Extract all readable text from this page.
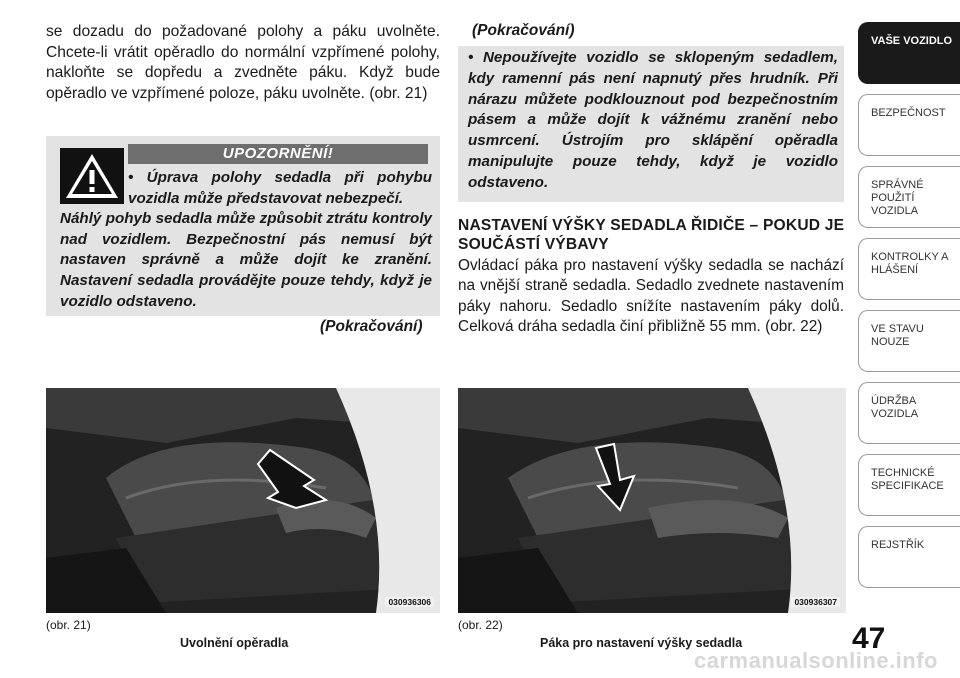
se dozadu do požadované polohy a páku uvolněte. Chcete-li vrátit opěradlo do normální vzpřímené polohy, nakloňte se dopředu a zvedněte páku. Když bude opěradlo ve vzpřímené poloze, páku uvolněte. (obr. 21)

UPOZORNĚNÍ!
• Úprava polohy sedadla při pohybu vozidla může představovat nebezpečí.
Náhlý pohyb sedadla může způsobit ztrátu kontroly nad vozidlem. Bezpečnostní pás nemusí být nastaven správně a může dojít ke zranění. Nastavení sedadla provádějte pouze tehdy, když je vozidlo odstaveno.
(Pokračování)
(Pokračování)
• Nepoužívejte vozidlo se sklopeným sedadlem, kdy ramenní pás není napnutý přes hrudník. Při nárazu můžete podklouznout pod bezpečnostním pásem a může dojít k vážnému zranění nebo usmrcení. Ústrojím pro sklápění opěradla manipulujte pouze tehdy, když je vozidlo odstaveno.
NASTAVENÍ VÝŠKY SEDADLA ŘIDIČE – POKUD JE SOUČÁSTÍ VÝBAVY
Ovládací páka pro nastavení výšky sedadla se nachází na vnější straně sedadla. Sedadlo zvednete nastavením páky nahoru. Sedadlo snížíte nastavením páky dolů. Celková dráha sedadla činí přibližně 55 mm. (obr. 22)
030936306
(obr. 21)
Uvolnění opěradla
030936307
(obr. 22)
Páka pro nastavení výšky sedadla	47
VAŠE VOZIDLO
BEZPEČNOST
SPRÁVNÉ POUŽITÍ VOZIDLA
KONTROLKY A HLÁŠENÍ
VE STAVU NOUZE
ÚDRŽBA VOZIDLA
TECHNICKÉ SPECIFIKACE
REJSTŘÍK
carmanualsonline.info
